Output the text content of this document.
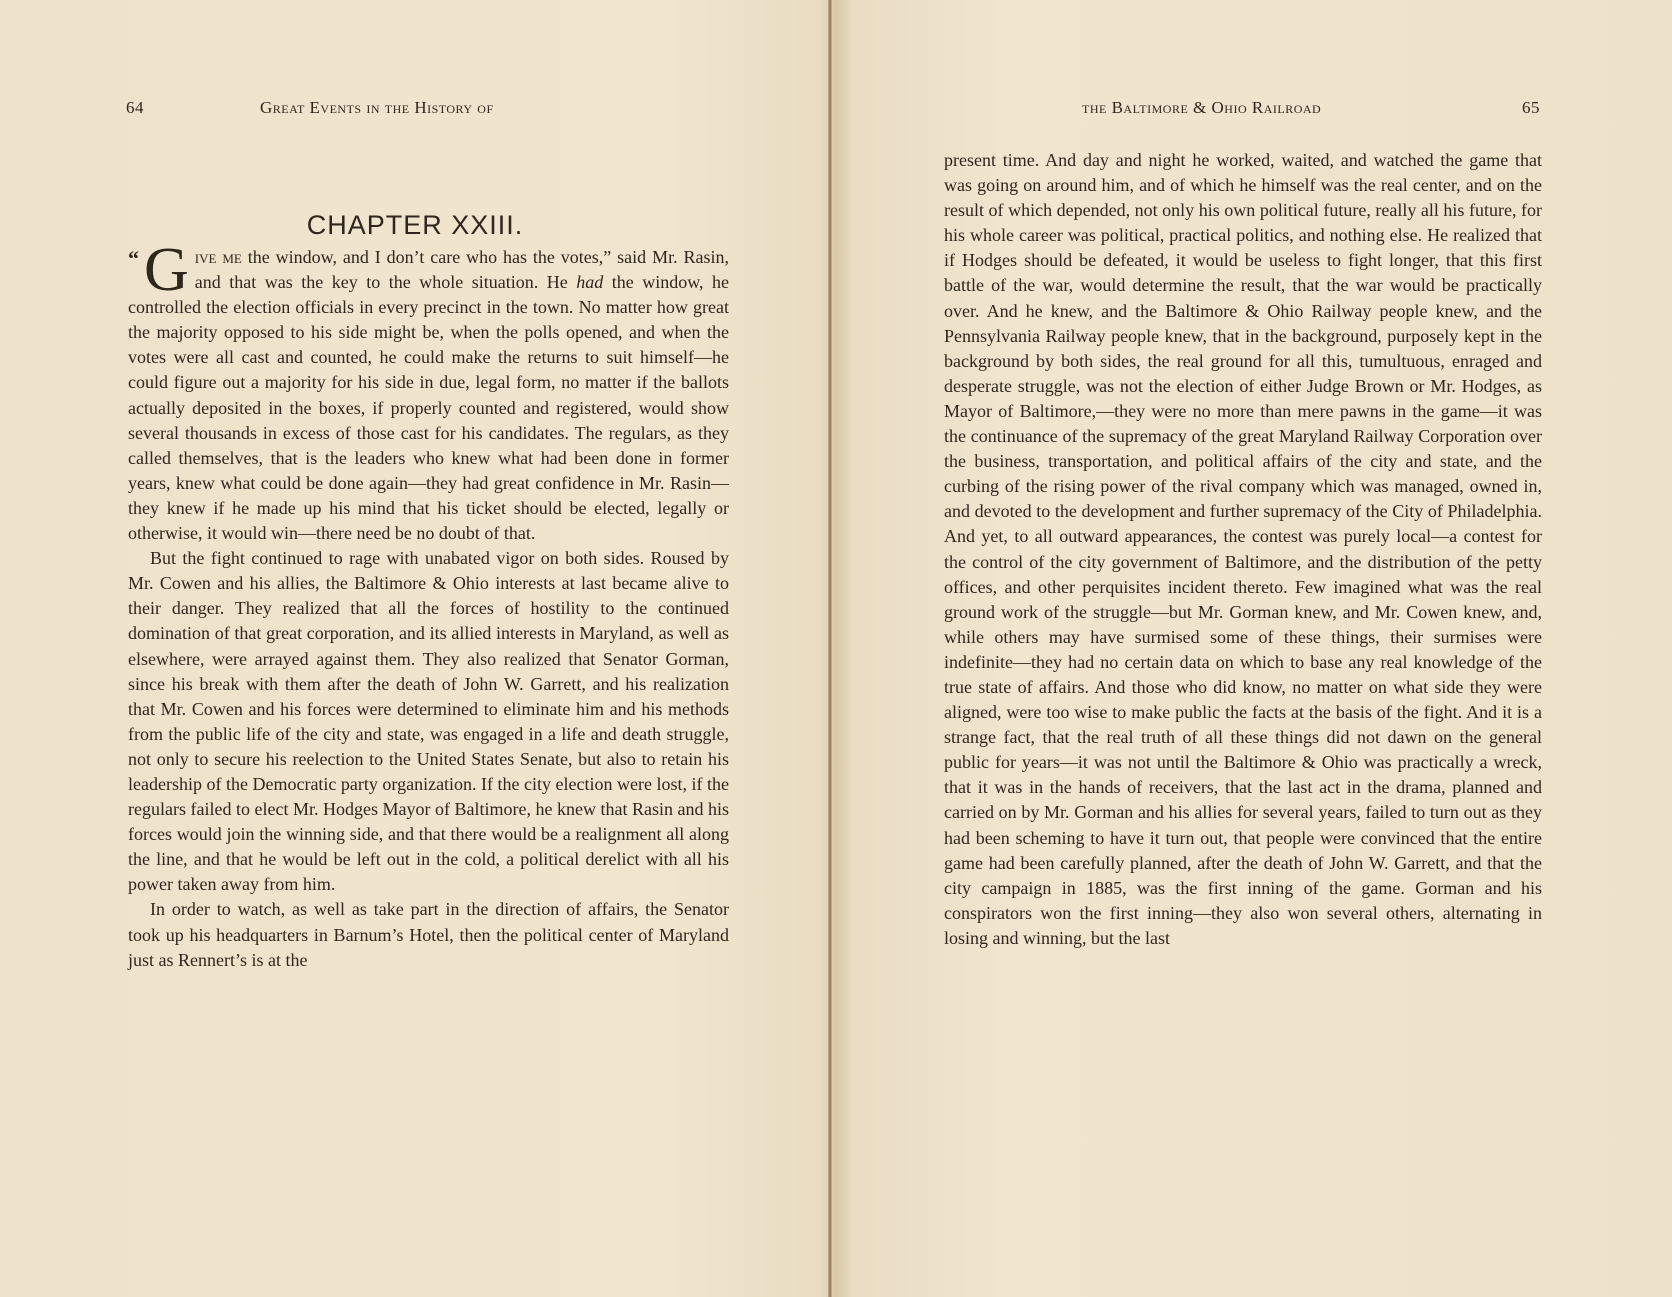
64	Great Events in the History of
CHAPTER XXIII.
“ Give me the window, and I don’t care who has the votes,” said Mr. Rasin, and that was the key to the whole situation. He had the window, he controlled the election officials in every precinct in the town. No matter how great the majority opposed to his side might be, when the polls opened, and when the votes were all cast and counted, he could make the returns to suit himself—he could figure out a majority for his side in due, legal form, no matter if the ballots actually deposited in the boxes, if properly counted and registered, would show several thousands in excess of those cast for his candidates. The regulars, as they called themselves, that is the leaders who knew what had been done in former years, knew what could be done again—they had great confidence in Mr. Rasin—they knew if he made up his mind that his ticket should be elected, legally or otherwise, it would win—there need be no doubt of that.

But the fight continued to rage with unabated vigor on both sides. Roused by Mr. Cowen and his allies, the Baltimore & Ohio interests at last became alive to their danger. They realized that all the forces of hostility to the continued domination of that great corporation, and its allied interests in Maryland, as well as elsewhere, were arrayed against them. They also realized that Senator Gorman, since his break with them after the death of John W. Garrett, and his realization that Mr. Cowen and his forces were determined to eliminate him and his methods from the public life of the city and state, was engaged in a life and death struggle, not only to secure his reelection to the United States Senate, but also to retain his leadership of the Democratic party organization. If the city election were lost, if the regulars failed to elect Mr. Hodges Mayor of Baltimore, he knew that Rasin and his forces would join the winning side, and that there would be a realignment all along the line, and that he would be left out in the cold, a political derelict with all his power taken away from him.

In order to watch, as well as take part in the direction of affairs, the Senator took up his headquarters in Barnum’s Hotel, then the political center of Maryland just as Rennert’s is at the

the Baltimore & Ohio Railroad	65

present time. And day and night he worked, waited, and watched the game that was going on around him, and of which he himself was the real center, and on the result of which depended, not only his own political future, really all his future, for his whole career was political, practical politics, and nothing else. He realized that if Hodges should be defeated, it would be useless to fight longer, that this first battle of the war, would determine the result, that the war would be practically over. And he knew, and the Baltimore & Ohio Railway people knew, and the Pennsylvania Railway people knew, that in the background, purposely kept in the background by both sides, the real ground for all this, tumultuous, enraged and desperate struggle, was not the election of either Judge Brown or Mr. Hodges, as Mayor of Baltimore,—they were no more than mere pawns in the game—it was the continuance of the supremacy of the great Maryland Railway Corporation over the business, transportation, and political affairs of the city and state, and the curbing of the rising power of the rival company which was managed, owned in, and devoted to the development and further supremacy of the City of Philadelphia. And yet, to all outward appearances, the contest was purely local—a contest for the control of the city government of Baltimore, and the distribution of the petty offices, and other perquisites incident thereto. Few imagined what was the real ground work of the struggle—but Mr. Gorman knew, and Mr. Cowen knew, and, while others may have surmised some of these things, their surmises were indefinite—they had no certain data on which to base any real knowledge of the true state of affairs. And those who did know, no matter on what side they were aligned, were too wise to make public the facts at the basis of the fight. And it is a strange fact, that the real truth of all these things did not dawn on the general public for years—it was not until the Baltimore & Ohio was practically a wreck, that it was in the hands of receivers, that the last act in the drama, planned and carried on by Mr. Gorman and his allies for several years, failed to turn out as they had been scheming to have it turn out, that people were convinced that the entire game had been carefully planned, after the death of John W. Garrett, and that the city campaign in 1885, was the first inning of the game. Gorman and his conspirators won the first inning—they also won several others, alternating in losing and winning, but the last
